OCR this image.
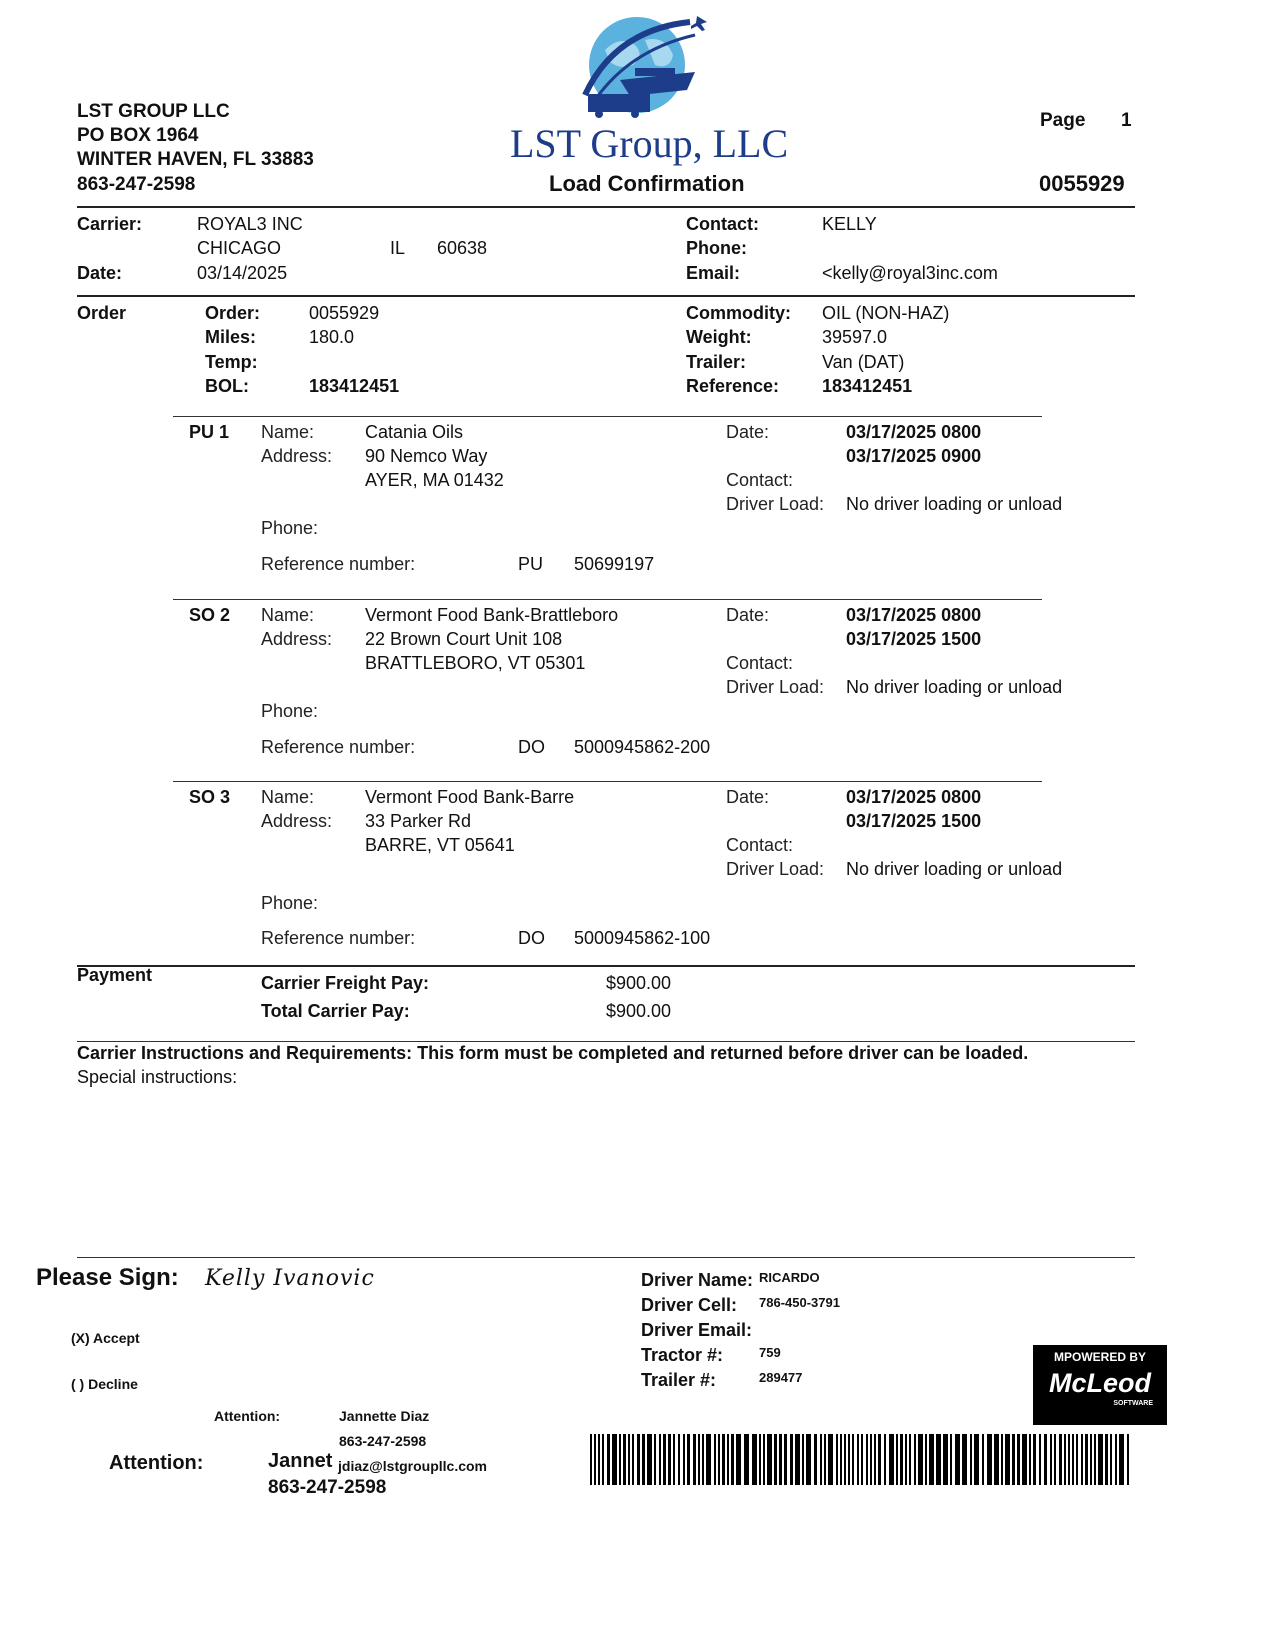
LST GROUP LLC
PO BOX 1964
WINTER HAVEN, FL 33883
863-247-2598
LST Group, LLC
Load Confirmation
Page 1
0055929
Carrier:	ROYAL3 INC
CHICAGO	IL 60638
Date:	03/14/2025
Contact:	KELLY
Phone:
Email:	<kelly@royal3inc.com
Order	Order:	0055929
Miles:	180.0
Temp:
BOL:	183412451
Commodity: OIL (NON-HAZ)
Weight:	39597.0
Trailer:	Van (DAT)
Reference: 183412451
PU 1 Name:	Catania Oils
Address: 90 Nemco Way
AYER, MA 01432
Date:	03/17/2025 0800
03/17/2025 0900
Contact:
Driver Load: No driver loading or unload
Phone:
Reference number:	PU 50699197
SO 2 Name:	Vermont Food Bank-Brattleboro
Address: 22 Brown Court Unit 108
BRATTLEBORO, VT 05301
Date:	03/17/2025 0800
03/17/2025 1500
Contact:
Driver Load: No driver loading or unload
Phone:
Reference number:	DO 5000945862-200
SO 3 Name:	Vermont Food Bank-Barre
Address: 33 Parker Rd
BARRE, VT 05641
Date:	03/17/2025 0800
03/17/2025 1500
Contact:
Driver Load: No driver loading or unload
Phone:
Reference number:	DO 5000945862-100
Payment	Carrier Freight Pay:	$900.00
Total Carrier Pay:	$900.00
Carrier Instructions and Requirements: This form must be completed and returned before driver can be loaded.
Special instructions:
Please Sign: Kelly Ivanovic
(X) Accept
( ) Decline
Attention:	Jannette Diaz
863-247-2598
Attention:	Jannet jdiaz@lstgroupllc.com
863-247-2598
Driver Name: RICARDO
Driver Cell: 786-450-3791
Driver Email:
Tractor #:	759
Trailer #:	289477
MPOWERED BY
McLeod
SOFTWARE
